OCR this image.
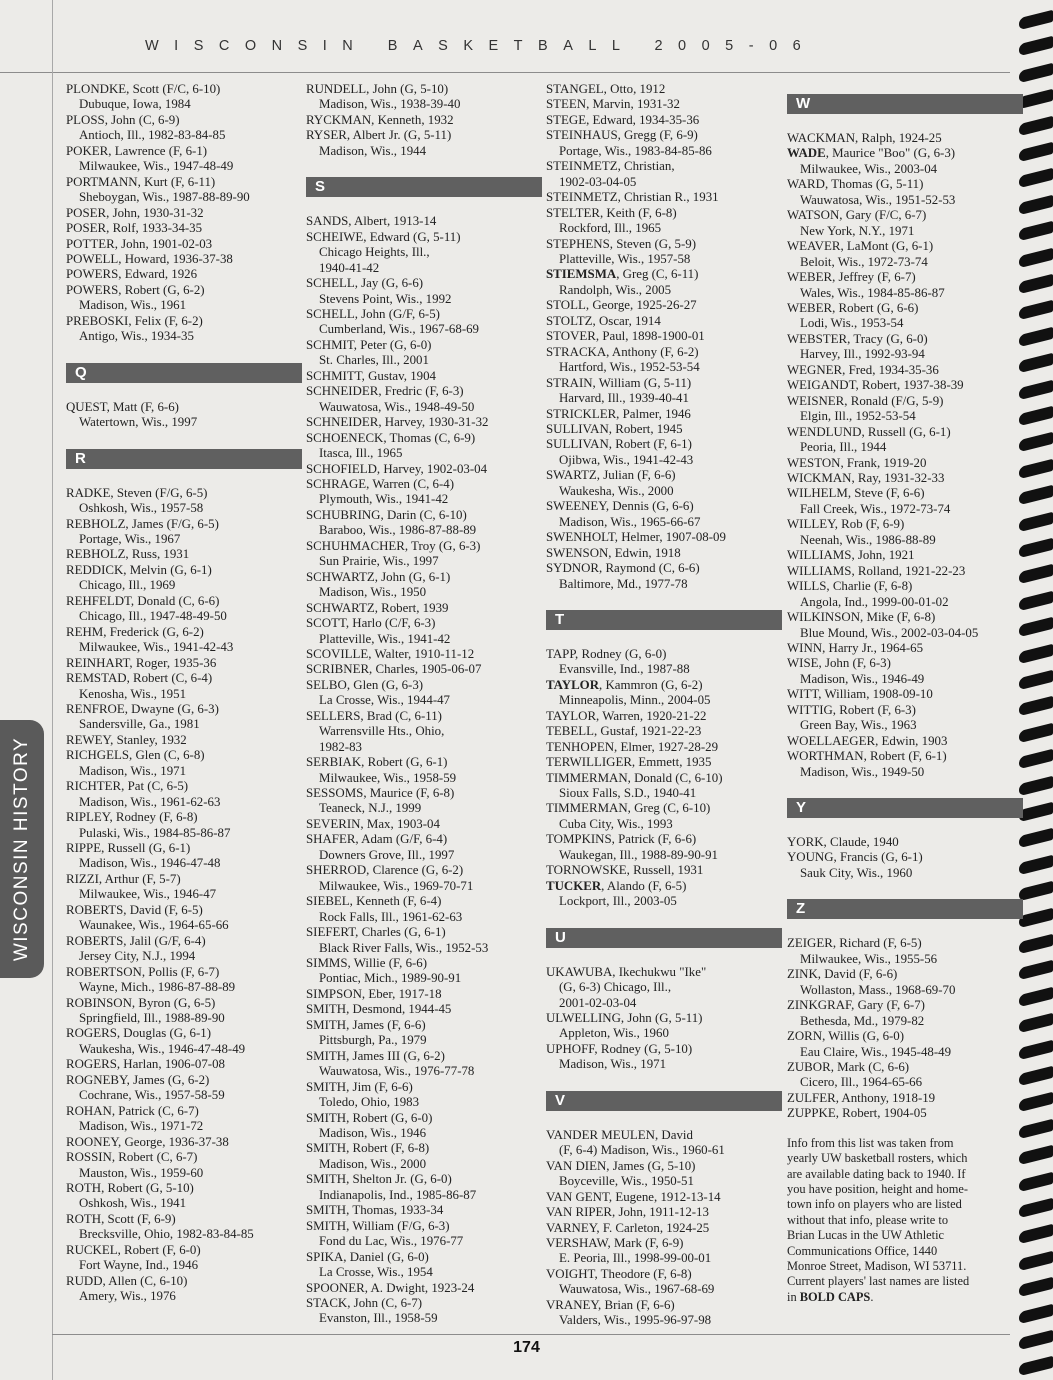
WISCONSIN BASKETBALL 2005-06
WISCONSIN HISTORY
PLONDKE, Scott (F/C, 6-10)
Dubuque, Iowa, 1984
PLOSS, John (C, 6-9)
Antioch, Ill., 1982-83-84-85
POKER, Lawrence (F, 6-1)
Milwaukee, Wis., 1947-48-49
PORTMANN, Kurt (F, 6-11)
Sheboygan, Wis., 1987-88-89-90
POSER, John, 1930-31-32
POSER, Rolf, 1933-34-35
POTTER, John, 1901-02-03
POWELL, Howard, 1936-37-38
POWERS, Edward, 1926
POWERS, Robert (G, 6-2)
Madison, Wis., 1961
PREBOSKI, Felix (F, 6-2)
Antigo, Wis., 1934-35
Q
QUEST, Matt (F, 6-6)
Watertown, Wis., 1997
R
RADKE, Steven (F/G, 6-5)
Oshkosh, Wis., 1957-58
REBHOLZ, James (F/G, 6-5)
Portage, Wis., 1967
REBHOLZ, Russ, 1931
REDDICK, Melvin (G, 6-1)
Chicago, Ill., 1969
REHFELDT, Donald (C, 6-6)
Chicago, Ill., 1947-48-49-50
REHM, Frederick (G, 6-2)
Milwaukee, Wis., 1941-42-43
REINHART, Roger, 1935-36
REMSTAD, Robert (C, 6-4)
Kenosha, Wis., 1951
RENFROE, Dwayne (G, 6-3)
Sandersville, Ga., 1981
REWEY, Stanley, 1932
RICHGELS, Glen (C, 6-8)
Madison, Wis., 1971
RICHTER, Pat (C, 6-5)
Madison, Wis., 1961-62-63
RIPLEY, Rodney (F, 6-8)
Pulaski, Wis., 1984-85-86-87
RIPPE, Russell (G, 6-1)
Madison, Wis., 1946-47-48
RIZZI, Arthur (F, 5-7)
Milwaukee, Wis., 1946-47
ROBERTS, David (F, 6-5)
Waunakee, Wis., 1964-65-66
ROBERTS, Jalil (G/F, 6-4)
Jersey City, N.J., 1994
ROBERTSON, Pollis (F, 6-7)
Wayne, Mich., 1986-87-88-89
ROBINSON, Byron (G, 6-5)
Springfield, Ill., 1988-89-90
ROGERS, Douglas (G, 6-1)
Waukesha, Wis., 1946-47-48-49
ROGERS, Harlan, 1906-07-08
ROGNEBY, James (G, 6-2)
Cochrane, Wis., 1957-58-59
ROHAN, Patrick (C, 6-7)
Madison, Wis., 1971-72
ROONEY, George, 1936-37-38
ROSSIN, Robert (C, 6-7)
Mauston, Wis., 1959-60
ROTH, Robert (G, 5-10)
Oshkosh, Wis., 1941
ROTH, Scott (F, 6-9)
Brecksville, Ohio, 1982-83-84-85
RUCKEL, Robert (F, 6-0)
Fort Wayne, Ind., 1946
RUDD, Allen (C, 6-10)
Amery, Wis., 1976
RUNDELL, John (G, 5-10)
Madison, Wis., 1938-39-40
RYCKMAN, Kenneth, 1932
RYSER, Albert Jr. (G, 5-11)
Madison, Wis., 1944
S
SANDS, Albert, 1913-14
SCHEIWE, Edward (G, 5-11)
Chicago Heights, Ill.,
1940-41-42
SCHELL, Jay (G, 6-6)
Stevens Point, Wis., 1992
SCHELL, John (G/F, 6-5)
Cumberland, Wis., 1967-68-69
SCHMIT, Peter (G, 6-0)
St. Charles, Ill., 2001
SCHMITT, Gustav, 1904
SCHNEIDER, Fredric (F, 6-3)
Wauwatosa, Wis., 1948-49-50
SCHNEIDER, Harvey, 1930-31-32
SCHOENECK, Thomas (C, 6-9)
Itasca, Ill., 1965
SCHOFIELD, Harvey, 1902-03-04
SCHRAGE, Warren (C, 6-4)
Plymouth, Wis., 1941-42
SCHUBRING, Darin (C, 6-10)
Baraboo, Wis., 1986-87-88-89
SCHUHMACHER, Troy (G, 6-3)
Sun Prairie, Wis., 1997
SCHWARTZ, John (G, 6-1)
Madison, Wis., 1950
SCHWARTZ, Robert, 1939
SCOTT, Harlo (C/F, 6-3)
Platteville, Wis., 1941-42
SCOVILLE, Walter, 1910-11-12
SCRIBNER, Charles, 1905-06-07
SELBO, Glen (G, 6-3)
La Crosse, Wis., 1944-47
SELLERS, Brad (C, 6-11)
Warrensville Hts., Ohio,
1982-83
SERBIAK, Robert (G, 6-1)
Milwaukee, Wis., 1958-59
SESSOMS, Maurice (F, 6-8)
Teaneck, N.J., 1999
SEVERIN, Max, 1903-04
SHAFER, Adam (G/F, 6-4)
Downers Grove, Ill., 1997
SHERROD, Clarence (G, 6-2)
Milwaukee, Wis., 1969-70-71
SIEBEL, Kenneth (F, 6-4)
Rock Falls, Ill., 1961-62-63
SIEFERT, Charles (G, 6-1)
Black River Falls, Wis., 1952-53
SIMMS, Willie (F, 6-6)
Pontiac, Mich., 1989-90-91
SIMPSON, Eber, 1917-18
SMITH, Desmond, 1944-45
SMITH, James (F, 6-6)
Pittsburgh, Pa., 1979
SMITH, James III (G, 6-2)
Wauwatosa, Wis., 1976-77-78
SMITH, Jim (F, 6-6)
Toledo, Ohio, 1983
SMITH, Robert (G, 6-0)
Madison, Wis., 1946
SMITH, Robert (F, 6-8)
Madison, Wis., 2000
SMITH, Shelton Jr. (G, 6-0)
Indianapolis, Ind., 1985-86-87
SMITH, Thomas, 1933-34
SMITH, William (F/G, 6-3)
Fond du Lac, Wis., 1976-77
SPIKA, Daniel (G, 6-0)
La Crosse, Wis., 1954
SPOONER, A. Dwight, 1923-24
STACK, John (C, 6-7)
Evanston, Ill., 1958-59
STANGEL, Otto, 1912
STEEN, Marvin, 1931-32
STEGE, Edward, 1934-35-36
STEINHAUS, Gregg (F, 6-9)
Portage, Wis., 1983-84-85-86
STEINMETZ, Christian,
1902-03-04-05
STEINMETZ, Christian R., 1931
STELTER, Keith (F, 6-8)
Rockford, Ill., 1965
STEPHENS, Steven (G, 5-9)
Platteville, Wis., 1957-58
STIEMSMA, Greg (C, 6-11)
Randolph, Wis., 2005
STOLL, George, 1925-26-27
STOLTZ, Oscar, 1914
STOVER, Paul, 1898-1900-01
STRACKA, Anthony (F, 6-2)
Hartford, Wis., 1952-53-54
STRAIN, William (G, 5-11)
Harvard, Ill., 1939-40-41
STRICKLER, Palmer, 1946
SULLIVAN, Robert, 1945
SULLIVAN, Robert (F, 6-1)
Ojibwa, Wis., 1941-42-43
SWARTZ, Julian (F, 6-6)
Waukesha, Wis., 2000
SWEENEY, Dennis (G, 6-6)
Madison, Wis., 1965-66-67
SWENHOLT, Helmer, 1907-08-09
SWENSON, Edwin, 1918
SYDNOR, Raymond (C, 6-6)
Baltimore, Md., 1977-78
T
TAPP, Rodney (G, 6-0)
Evansville, Ind., 1987-88
TAYLOR, Kammron (G, 6-2)
Minneapolis, Minn., 2004-05
TAYLOR, Warren, 1920-21-22
TEBELL, Gustaf, 1921-22-23
TENHOPEN, Elmer, 1927-28-29
TERWILLIGER, Emmett, 1935
TIMMERMAN, Donald (C, 6-10)
Sioux Falls, S.D., 1940-41
TIMMERMAN, Greg (C, 6-10)
Cuba City, Wis., 1993
TOMPKINS, Patrick (F, 6-6)
Waukegan, Ill., 1988-89-90-91
TORNOWSKE, Russell, 1931
TUCKER, Alando (F, 6-5)
Lockport, Ill., 2003-05
U
UKAWUBA, Ikechukwu "Ike"
(G, 6-3) Chicago, Ill.,
2001-02-03-04
ULWELLING, John (G, 5-11)
Appleton, Wis., 1960
UPHOFF, Rodney (G, 5-10)
Madison, Wis., 1971
V
VANDER MEULEN, David
(F, 6-4) Madison, Wis., 1960-61
VAN DIEN, James (G, 5-10)
Boyceville, Wis., 1950-51
VAN GENT, Eugene, 1912-13-14
VAN RIPER, John, 1911-12-13
VARNEY, F. Carleton, 1924-25
VERSHAW, Mark (F, 6-9)
E. Peoria, Ill., 1998-99-00-01
VOIGHT, Theodore (F, 6-8)
Wauwatosa, Wis., 1967-68-69
VRANEY, Brian (F, 6-6)
Valders, Wis., 1995-96-97-98
W
WACKMAN, Ralph, 1924-25
WADE, Maurice "Boo" (G, 6-3)
Milwaukee, Wis., 2003-04
WARD, Thomas (G, 5-11)
Wauwatosa, Wis., 1951-52-53
WATSON, Gary (F/C, 6-7)
New York, N.Y., 1971
WEAVER, LaMont (G, 6-1)
Beloit, Wis., 1972-73-74
WEBER, Jeffrey (F, 6-7)
Wales, Wis., 1984-85-86-87
WEBER, Robert (G, 6-6)
Lodi, Wis., 1953-54
WEBSTER, Tracy (G, 6-0)
Harvey, Ill., 1992-93-94
WEGNER, Fred, 1934-35-36
WEIGANDT, Robert, 1937-38-39
WEISNER, Ronald (F/G, 5-9)
Elgin, Ill., 1952-53-54
WENDLUND, Russell (G, 6-1)
Peoria, Ill., 1944
WESTON, Frank, 1919-20
WICKMAN, Ray, 1931-32-33
WILHELM, Steve (F, 6-6)
Fall Creek, Wis., 1972-73-74
WILLEY, Rob (F, 6-9)
Neenah, Wis., 1986-88-89
WILLIAMS, John, 1921
WILLIAMS, Rolland, 1921-22-23
WILLS, Charlie (F, 6-8)
Angola, Ind., 1999-00-01-02
WILKINSON, Mike (F, 6-8)
Blue Mound, Wis., 2002-03-04-05
WINN, Harry Jr., 1964-65
WISE, John (F, 6-3)
Madison, Wis., 1946-49
WITT, William, 1908-09-10
WITTIG, Robert (F, 6-3)
Green Bay, Wis., 1963
WOELLAEGER, Edwin, 1903
WORTHMAN, Robert (F, 6-1)
Madison, Wis., 1949-50
Y
YORK, Claude, 1940
YOUNG, Francis (G, 6-1)
Sauk City, Wis., 1960
Z
ZEIGER, Richard (F, 6-5)
Milwaukee, Wis., 1955-56
ZINK, David (F, 6-6)
Wollaston, Mass., 1968-69-70
ZINKGRAF, Gary (F, 6-7)
Bethesda, Md., 1979-82
ZORN, Willis (G, 6-0)
Eau Claire, Wis., 1945-48-49
ZUBOR, Mark (C, 6-6)
Cicero, Ill., 1964-65-66
ZULFER, Anthony, 1918-19
ZUPPKE, Robert, 1904-05
Info from this list was taken from
yearly UW basketball rosters, which
are available dating back to 1940. If
you have position, height and home-
town info on players who are listed
without that info, please write to
Brian Lucas in the UW Athletic
Communications Office, 1440
Monroe Street, Madison, WI 53711.
Current players' last names are listed
in BOLD CAPS.
174
